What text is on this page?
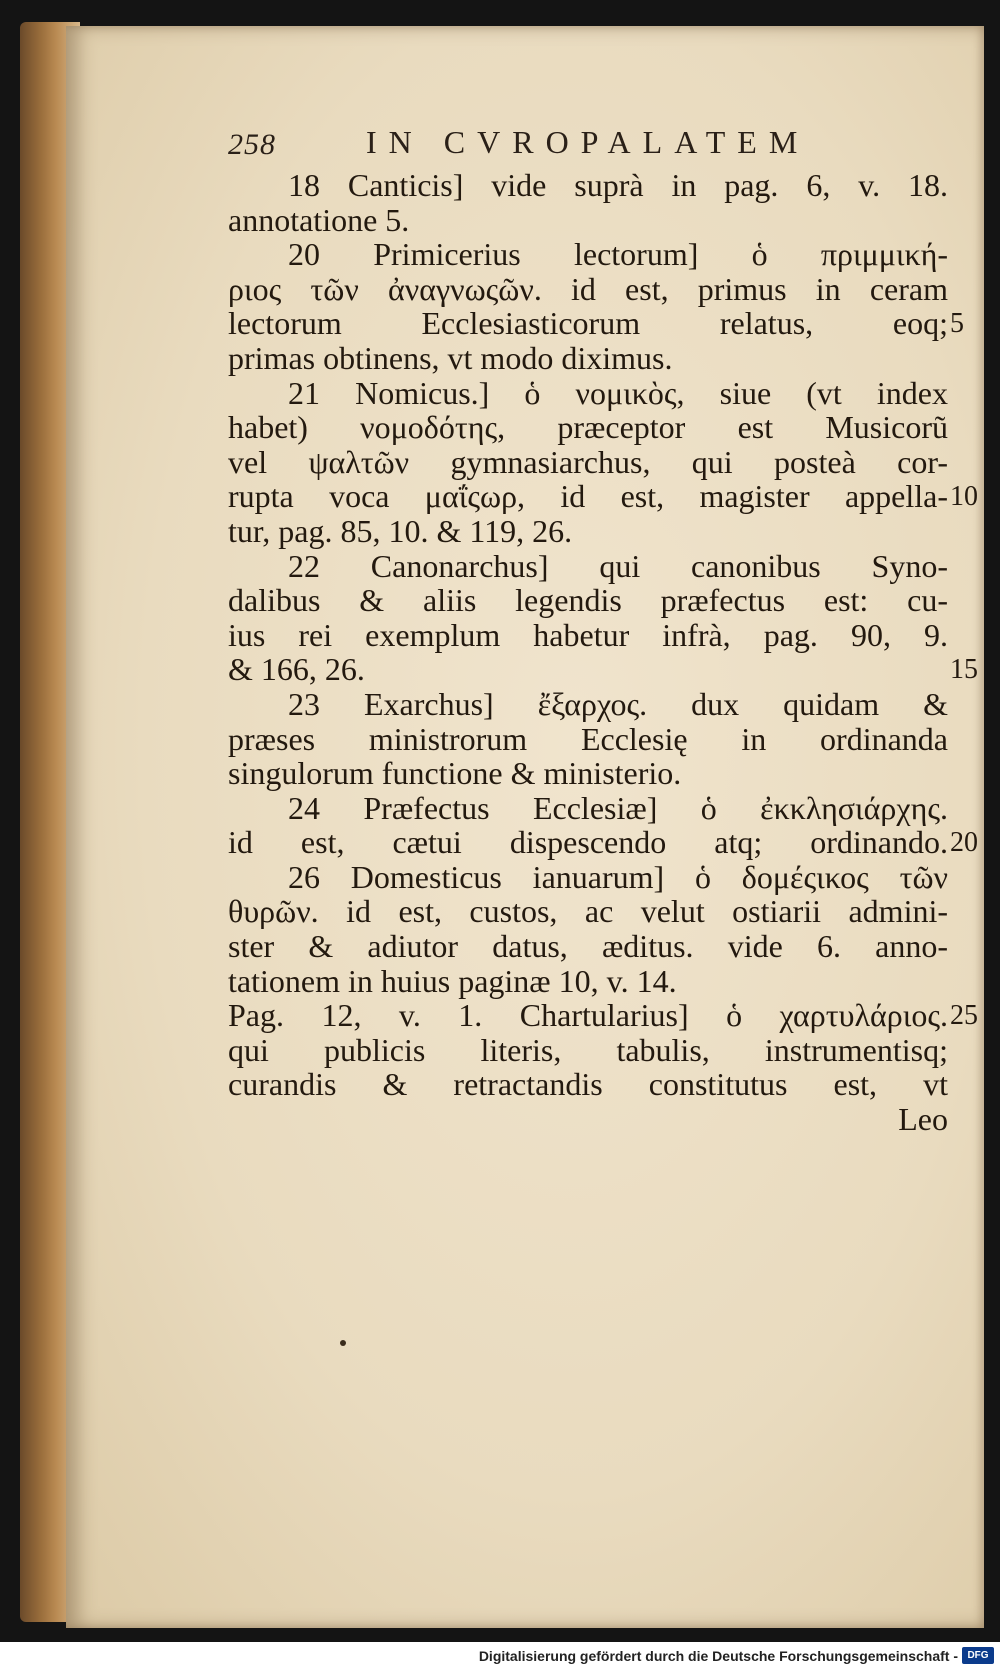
258	IN CVROPALATEM
18 Canticis] vide suprà in pag. 6, v. 18.
annotatione 5.
20 Primicerius lectorum] ὁ πριμμική-
ριος τῶν ἀναγνωςῶν. id est, primus in ceram
lectorum Ecclesiasticorum relatus, eoq;
primas obtinens, vt modo diximus.
21 Nomicus.] ὁ νομικὸς, siue (vt index
habet) νομοδότης, præceptor est Musicorũ
vel ψαλτῶν gymnasiarchus, qui posteà cor-
rupta voca μαΐςωρ, id est, magister appella-
tur, pag. 85, 10. & 119, 26.
22 Canonarchus] qui canonibus Syno-
dalibus & aliis legendis præfectus est: cu-
ius rei exemplum habetur infrà, pag. 90, 9.
& 166, 26.
23 Exarchus] ἔξαρχος. dux quidam &
præses ministrorum Ecclesię in ordinanda
singulorum functione & ministerio.
24 Præfectus Ecclesiæ] ὁ ἐκκλησιάρχης.
id est, cætui dispescendo atq; ordinando.
26 Domesticus ianuarum] ὁ δομέςικος τῶν
θυρῶν. id est, custos, ac velut ostiarii admini-
ster & adiutor datus, æditus. vide 6. anno-
tationem in huius paginæ 10, v. 14.
Pag. 12, v. 1. Chartularius] ὁ χαρτυλάριος.
qui publicis literis, tabulis, instrumentisq;
curandis & retractandis constitutus est, vt
Leo
5
10
15
20
25
Digitalisierung gefördert durch die Deutsche Forschungsgemeinschaft - DFG
